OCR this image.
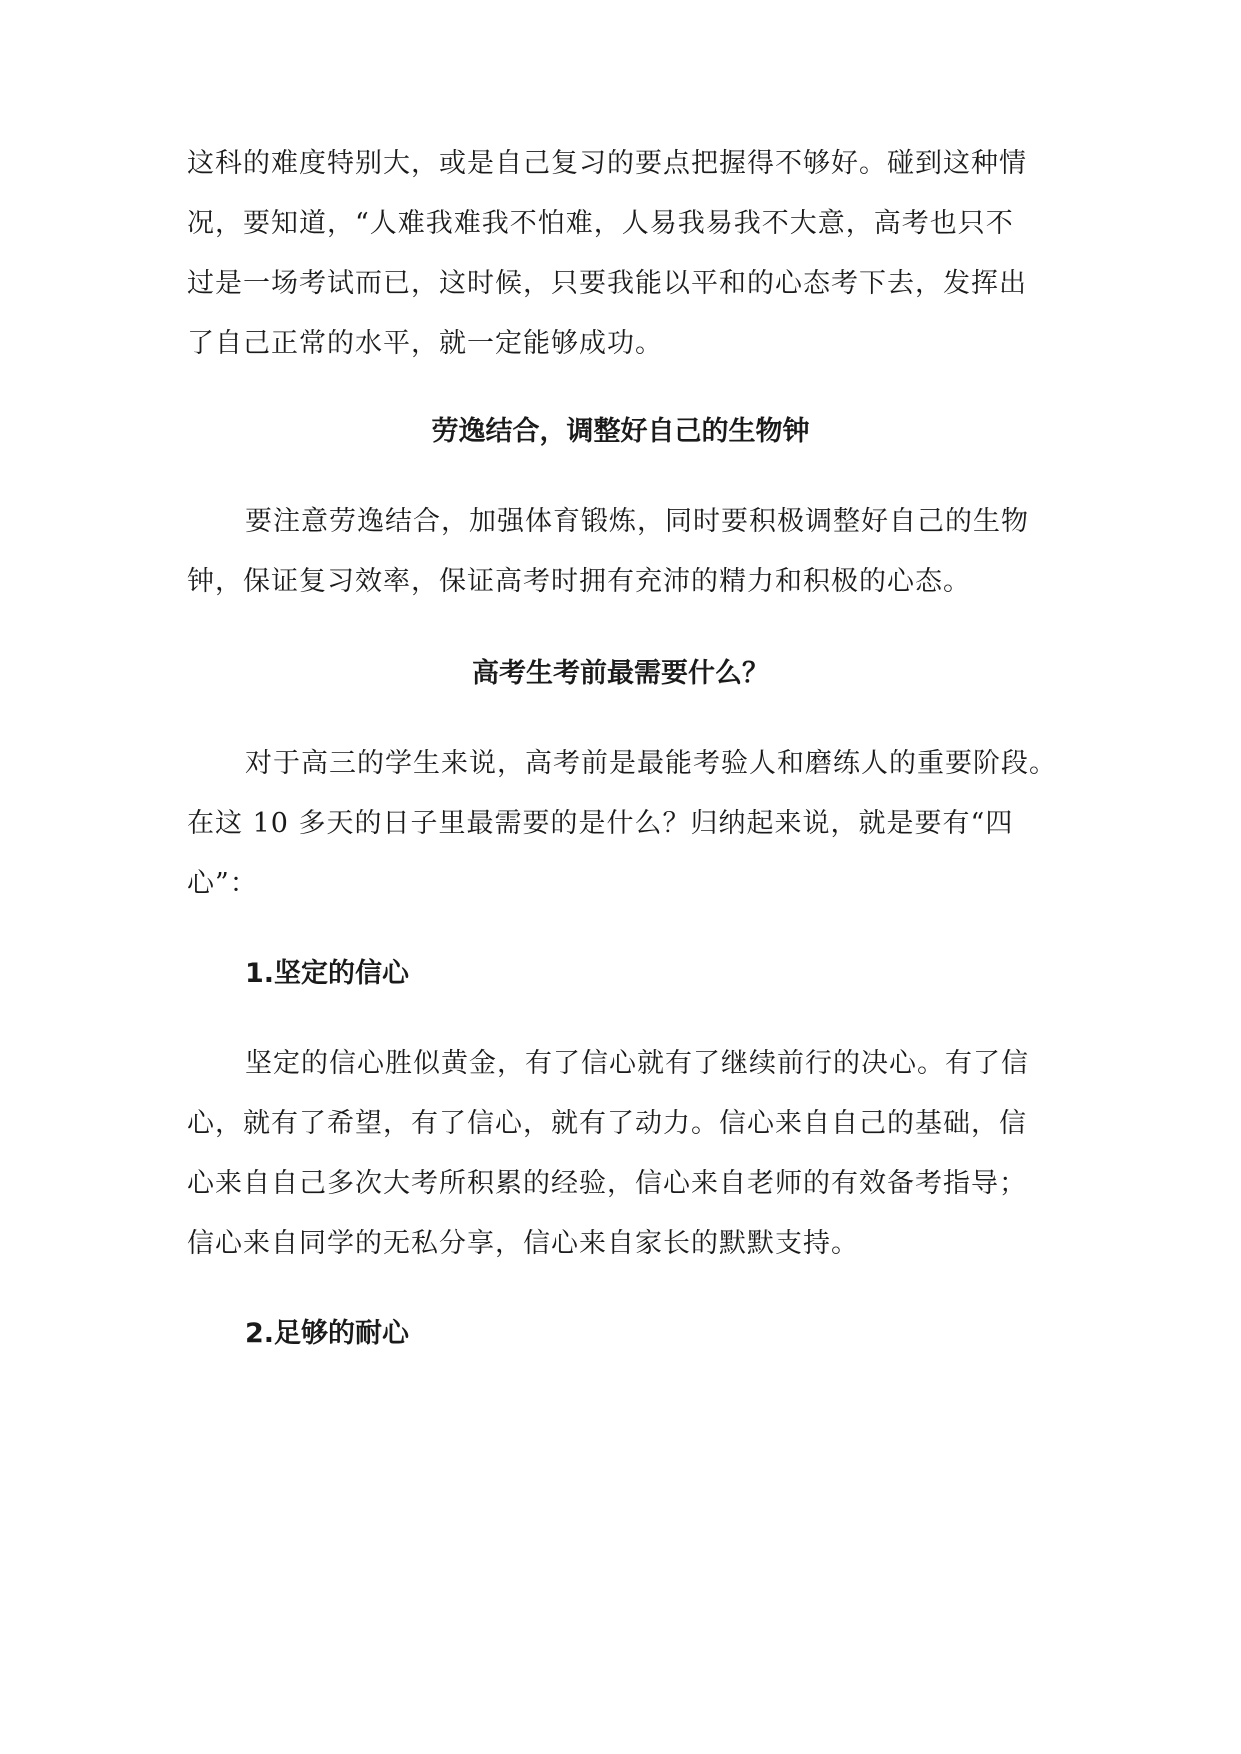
这科的难度特别大，或是自己复习的要点把握得不够好。碰到这种情
况，要知道，“人难我难我不怕难，人易我易我不大意，高考也只不
过是一场考试而已，这时候，只要我能以平和的心态考下去，发挥出
了自己正常的水平，就一定能够成功。
劳逸结合，调整好自己的生物钟
要注意劳逸结合，加强体育锻炼，同时要积极调整好自己的生物
钟，保证复习效率，保证高考时拥有充沛的精力和积极的心态。
高考生考前最需要什么？
对于高三的学生来说，高考前是最能考验人和磨练人的重要阶段。
在这 10 多天的日子里最需要的是什么？归纳起来说，就是要有“四
心”：
1.坚定的信心
坚定的信心胜似黄金，有了信心就有了继续前行的决心。有了信
心，就有了希望，有了信心，就有了动力。信心来自自己的基础，信
心来自自己多次大考所积累的经验，信心来自老师的有效备考指导；
信心来自同学的无私分享，信心来自家长的默默支持。
2.足够的耐心
